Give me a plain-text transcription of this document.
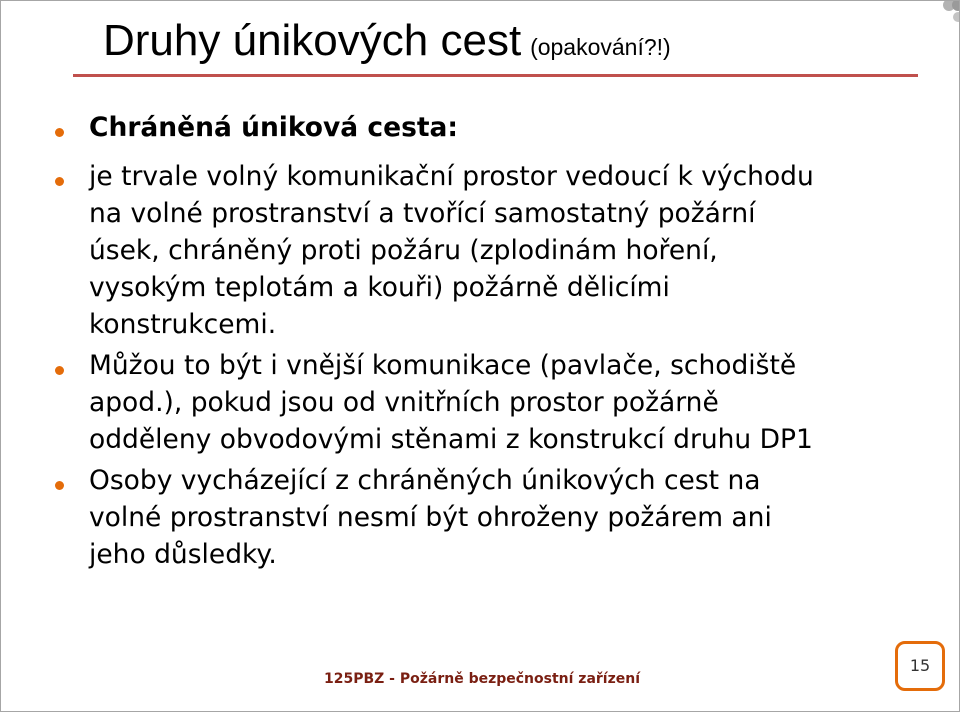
Druhy únikových cest (opakování?!)
Chráněná úniková cesta:
je trvale volný komunikační prostor vedoucí k východu
na volné prostranství a tvořící samostatný požární
úsek, chráněný proti požáru (zplodinám hoření,
vysokým teplotám a kouři) požárně dělicími
konstrukcemi.
Můžou to být i vnější komunikace (pavlače, schodiště
apod.), pokud jsou od vnitřních prostor požárně
odděleny obvodovými stěnami z konstrukcí druhu DP1
Osoby vycházející z chráněných únikových cest na
volné prostranství nesmí být ohroženy požárem ani
jeho důsledky.
125PBZ - Požárně bezpečnostní zařízení
15
